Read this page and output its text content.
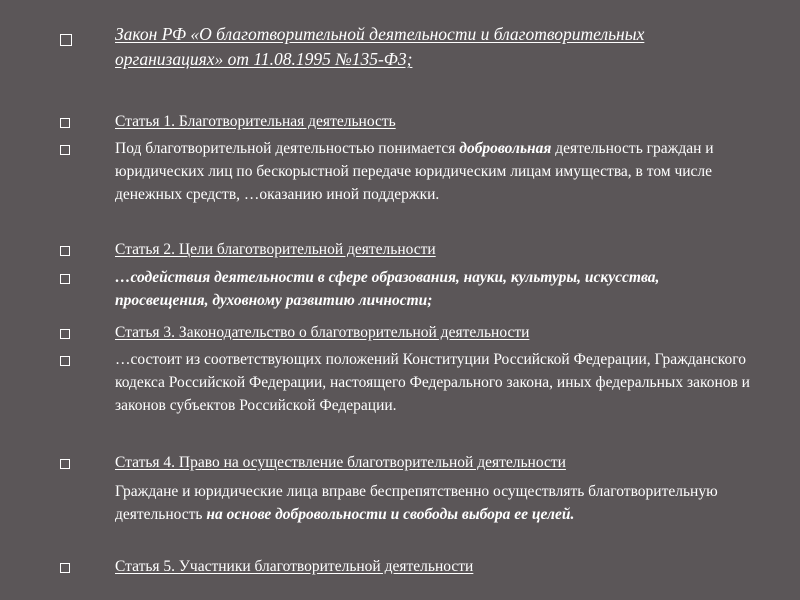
Закон РФ «О благотворительной деятельности и благотворительных организациях» от 11.08.1995 №135-Ф3;
Статья 1. Благотворительная деятельность
Под благотворительной деятельностью понимается добровольная деятельность граждан и юридических лиц по бескорыстной передаче юридическим лицам имущества, в том числе денежных средств, …оказанию иной поддержки.
Статья 2. Цели благотворительной деятельности
…содействия деятельности в сфере образования, науки, культуры, искусства, просвещения, духовному развитию личности;
Статья 3. Законодательство о благотворительной деятельности
…состоит из соответствующих положений Конституции Российской Федерации, Гражданского кодекса Российской Федерации, настоящего Федерального закона, иных федеральных законов и законов субъектов Российской Федерации.
Статья 4. Право на осуществление благотворительной деятельности
Граждане и юридические лица вправе беспрепятственно осуществлять благотворительную деятельность на основе добровольности и свободы выбора ее целей.
Статья 5. Участники благотворительной деятельности
